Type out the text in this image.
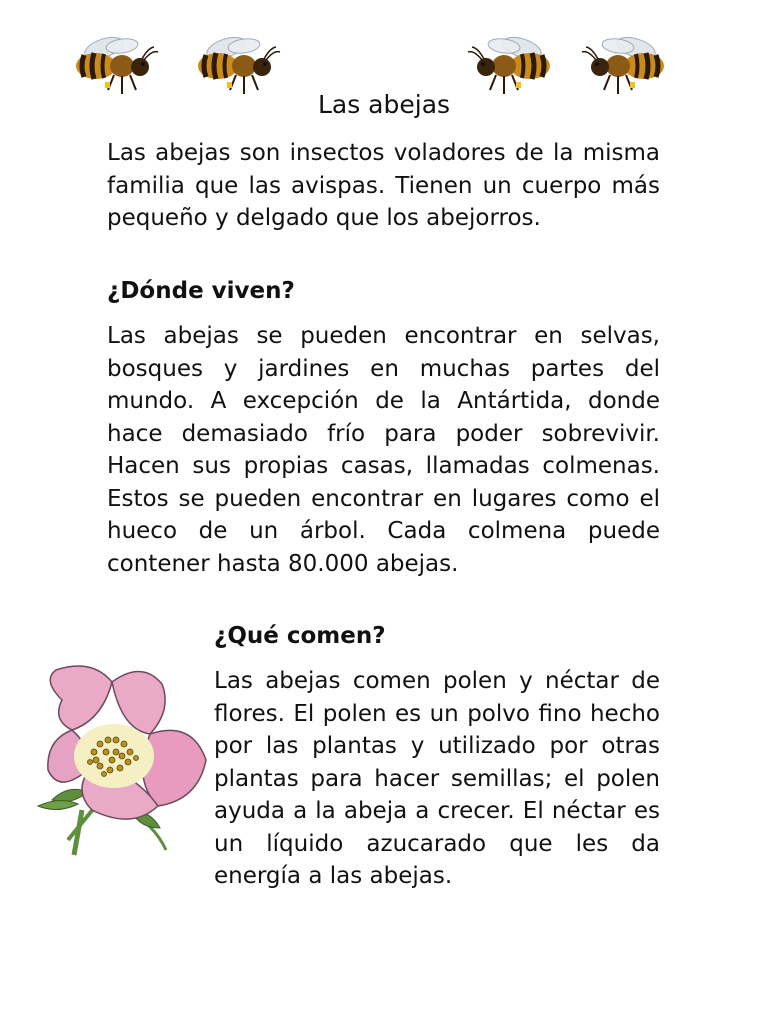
Las abejas

Las abejas son insectos voladores de la misma familia que las avispas. Tienen un cuerpo más pequeño y delgado que los abejorros.

¿Dónde viven?

Las abejas se pueden encontrar en selvas, bosques y jardines en muchas partes del mundo. A excepción de la Antártida, donde hace demasiado frío para poder sobrevivir. Hacen sus propias casas, llamadas colmenas. Estos se pueden encontrar en lugares como el hueco de un árbol. Cada colmena puede contener hasta 80.000 abejas.

¿Qué comen?

Las abejas comen polen y néctar de flores. El polen es un polvo fino hecho por las plantas y utilizado por otras plantas para hacer semillas; el polen ayuda a la abeja a crecer. El néctar es un líquido azucarado que les da energía a las abejas.
